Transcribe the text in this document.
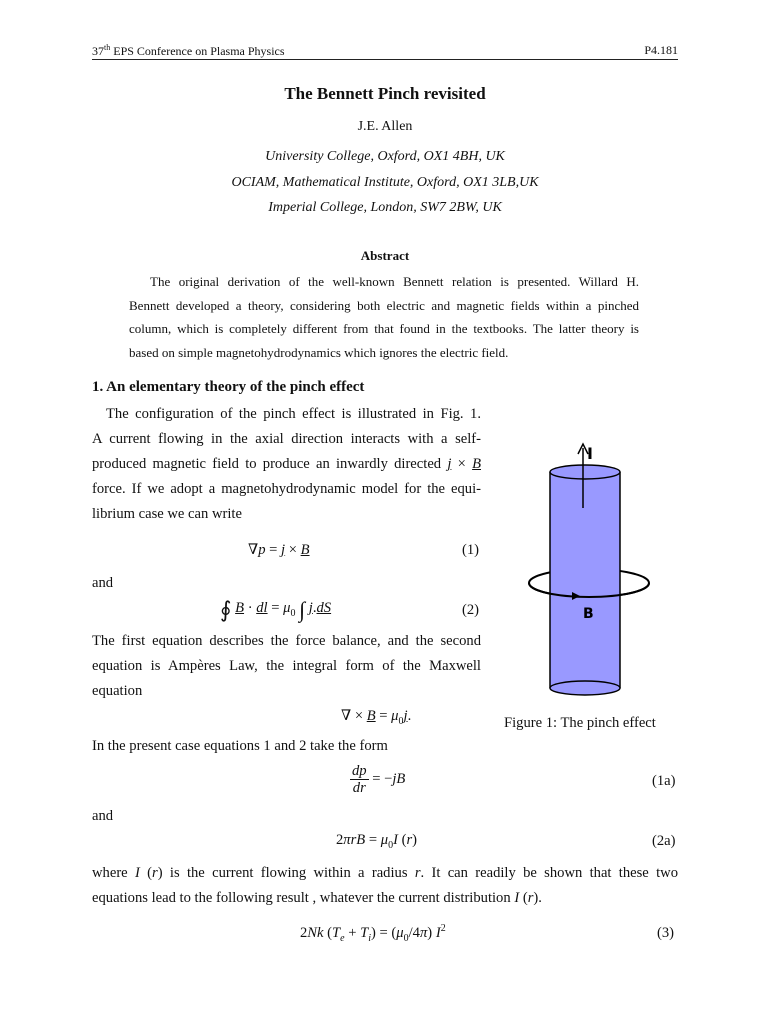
37th EPS Conference on Plasma Physics	P4.181
The Bennett Pinch revisited
J.E. Allen
University College, Oxford, OX1 4BH, UK
OCIAM, Mathematical Institute, Oxford, OX1 3LB,UK
Imperial College, London, SW7 2BW, UK
Abstract
The original derivation of the well-known Bennett relation is presented. Willard H.
Bennett developed a theory, considering both electric and magnetic fields within a pinched
column, which is completely different from that found in the textbooks. The latter theory is
based on simple magnetohydrodynamics which ignores the electric field.
1. An elementary theory of the pinch effect
The configuration of the pinch effect is illustrated in Fig. 1.
A current flowing in the axial direction interacts with a self-
produced magnetic field to produce an inwardly directed j × B
force. If we adopt a magnetohydrodynamic model for the equi-
librium case we can write
∇p = j × B	(1)
and
∮ B · dl = $\mu_0$ ∫ j.dS	(2)
The first equation describes the force balance, and the second
equation is Ampères Law, the integral form of the Maxwell
equation
∇ × $B = \mu_0j$.
In the present case equations 1 and 2 take the form
$\frac{dp}{dr} = -jB$	(1a)
and
$2\pi rB = \mu_0I$ (r)	(2a)
where I (r) is the current flowing within a radius r. It can readily be shown that these two
equations lead to the following result , whatever the current distribution I (r).
2Nk $(T_e + T_i) = (\mu_0/4\pi)$ $I^2$	(3)
I
B
Figure 1: The pinch effect
